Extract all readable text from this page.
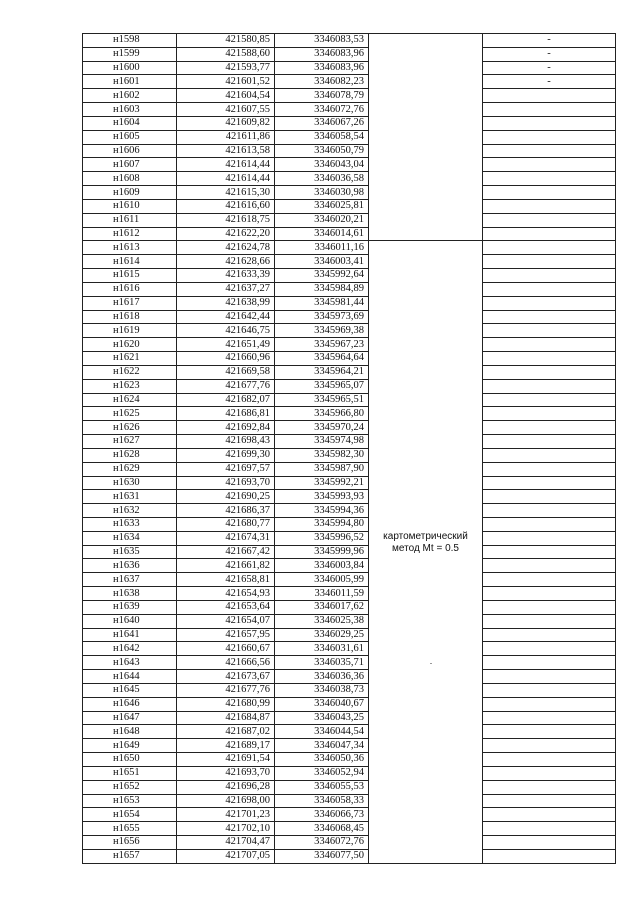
н1598	421580,85	3346083,53		-
н1599	421588,60	3346083,96		-
н1600	421593,77	3346083,96		-
н1601	421601,52	3346082,23		-
н1602	421604,54	3346078,79		
н1603	421607,55	3346072,76		
н1604	421609,82	3346067,26		
н1605	421611,86	3346058,54		
н1606	421613,58	3346050,79		
н1607	421614,44	3346043,04		
н1608	421614,44	3346036,58		
н1609	421615,30	3346030,98		
н1610	421616,60	3346025,81		
н1611	421618,75	3346020,21		
н1612	421622,20	3346014,61		
н1613	421624,78	3346011,16	картометрический
метод Mt = 0.5	

н1614	421628,66	3346003,41		
н1615	421633,39	3345992,64		
н1616	421637,27	3345984,89		
н1617	421638,99	3345981,44		
н1618	421642,44	3345973,69		
н1619	421646,75	3345969,38		
н1620	421651,49	3345967,23		
н1621	421660,96	3345964,64		
н1622	421669,58	3345964,21		
н1623	421677,76	3345965,07		
н1624	421682,07	3345965,51		
н1625	421686,81	3345966,80		
н1626	421692,84	3345970,24		
н1627	421698,43	3345974,98		
н1628	421699,30	3345982,30		
н1629	421697,57	3345987,90		
н1630	421693,70	3345992,21		
н1631	421690,25	3345993,93		
н1632	421686,37	3345994,36		
н1633	421680,77	3345994,80		
н1634	421674,31	3345996,52		
н1635	421667,42	3345999,96		
н1636	421661,82	3346003,84		
н1637	421658,81	3346005,99		
н1638	421654,93	3346011,59		
н1639	421653,64	3346017,62		
н1640	421654,07	3346025,38		
н1641	421657,95	3346029,25		
н1642	421660,67	3346031,61		
н1643	421666,56	3346035,71		
н1644	421673,67	3346036,36		
н1645	421677,76	3346038,73		
н1646	421680,99	3346040,67		
н1647	421684,87	3346043,25		
н1648	421687,02	3346044,54		
н1649	421689,17	3346047,34		
н1650	421691,54	3346050,36		
н1651	421693,70	3346052,94		
н1652	421696,28	3346055,53		
н1653	421698,00	3346058,33		
н1654	421701,23	3346066,73		
н1655	421702,10	3346068,45		
н1656	421704,47	3346072,76		
н1657	421707,05	3346077,50		
